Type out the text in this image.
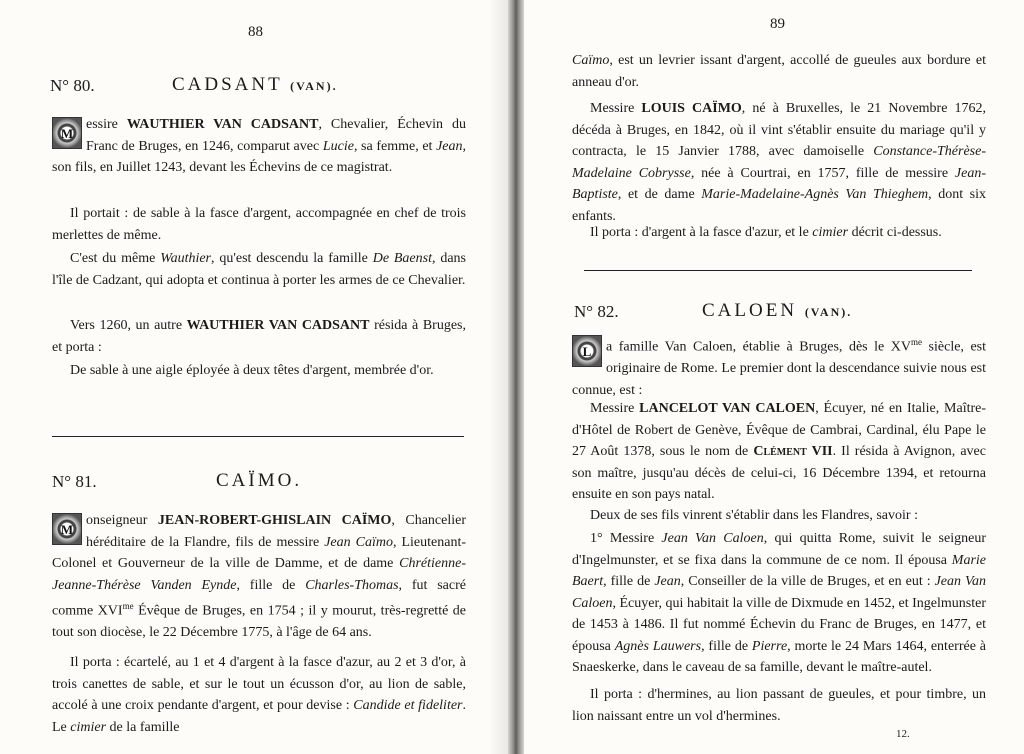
88
N° 80.	CADSANT (VAN).

M
essire WAUTHIER VAN CADSANT, Chevalier, Échevin du Franc de Bruges, en 1246, comparut avec Lucie, sa femme, et Jean, son fils, en Juillet 1243, devant les Échevins de ce magistrat.

Il portait : de sable à la fasce d'argent, accompagnée en chef de trois merlettes de même.

C'est du même Wauthier, qu'est descendu la famille De Baenst, dans l'île de Cadzant, qui adopta et continua à porter les armes de ce Chevalier.

Vers 1260, un autre WAUTHIER VAN CADSANT résida à Bruges, et porta :

De sable à une aigle éployée à deux têtes d'argent, membrée d'or.

N° 81.	CAÏMO.

M
onseigneur JEAN-ROBERT-GHISLAIN CAÏMO, Chancelier héréditaire de la Flandre, fils de messire Jean Caïmo, Lieutenant-Colonel et Gouverneur de la ville de Damme, et de dame Chrétienne-Jeanne-Thérèse Vanden Eynde, fille de Charles-Thomas, fut sacré comme $XVI^{me}$ Évêque de Bruges, en 1754 ; il y mourut, très-regretté de tout son diocèse, le 22 Décembre 1775, à l'âge de 64 ans.

Il porta : écartelé, au 1 et 4 d'argent à la fasce d'azur, au 2 et 3 d'or, à trois canettes de sable, et sur le tout un écusson d'or, au lion de sable, accolé à une croix pendante d'argent, et pour devise : Candide et fideliter. Le cimier de la famille

89

Caïmo, est un levrier issant d'argent, accollé de gueules aux bordure et anneau d'or.

Messire LOUIS CAÏMO, né à Bruxelles, le 21 Novembre 1762, décéda à Bruges, en 1842, où il vint s'établir ensuite du mariage qu'il y contracta, le 15 Janvier 1788, avec damoiselle Constance-Thérèse-Madelaine Cobrysse, née à Courtrai, en 1757, fille de messire Jean-Baptiste, et de dame Marie-Madelaine-Agnès Van Thieghem, dont six enfants.

Il porta : d'argent à la fasce d'azur, et le cimier décrit ci-dessus.

N° 82.	CALOEN (VAN).

L	a famille Van Caloen, établie à Bruges, dès le $XV^{me}$ siècle, est originaire de Rome. Le premier dont la descendance suivie nous est connue, est :

Messire LANCELOT VAN CALOEN, Écuyer, né en Italie, Maître-d'Hôtel de Robert de Genève, Évêque de Cambrai, Cardinal, élu Pape le 27 Août 1378, sous le nom de Clément VII. Il résida à Avignon, avec son maître, jusqu'au décès de celui-ci, 16 Décembre 1394, et retourna ensuite en son pays natal.

Deux de ses fils vinrent s'établir dans les Flandres, savoir :

1° Messire Jean Van Caloen, qui quitta Rome, suivit le seigneur d'Ingelmunster, et se fixa dans la commune de ce nom. Il épousa Marie Baert, fille de Jean, Conseiller de la ville de Bruges, et en eut : Jean Van Caloen, Écuyer, qui habitait la ville de Dixmude en 1452, et Ingelmunster de 1453 à 1486. Il fut nommé Échevin du Franc de Bruges, en 1477, et épousa Agnès Lauwers, fille de Pierre, morte le 24 Mars 1464, enterrée à Snaeskerke, dans le caveau de sa famille, devant le maître-autel.

Il porta : d'hermines, au lion passant de gueules, et pour timbre, un lion naissant entre un vol d'hermines.

12.
